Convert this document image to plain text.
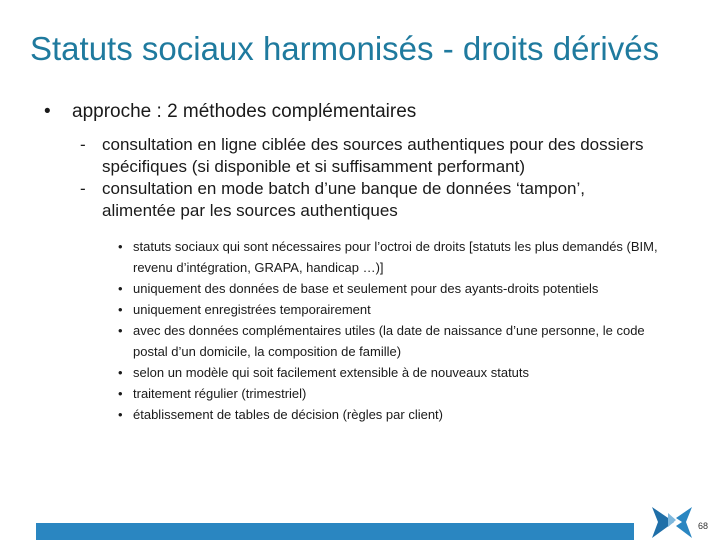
Statuts sociaux harmonisés - droits dérivés
• approche : 2 méthodes complémentaires
- consultation en ligne ciblée des sources authentiques pour des dossiers spécifiques (si disponible et si suffisamment performant)
- consultation en mode batch d’une banque de données ‘tampon’, alimentée par les sources authentiques
• statuts sociaux qui sont nécessaires pour l’octroi de droits [statuts les plus demandés (BIM, revenu d’intégration, GRAPA, handicap …)]
• uniquement des données de base et seulement pour des ayants-droits potentiels
• uniquement enregistrées temporairement
• avec des données complémentaires utiles (la date de naissance d’une personne, le code postal d’un domicile, la composition de famille)
• selon un modèle qui soit facilement extensible à de nouveaux statuts
• traitement régulier (trimestriel)
• établissement de tables de décision (règles par client)
68
